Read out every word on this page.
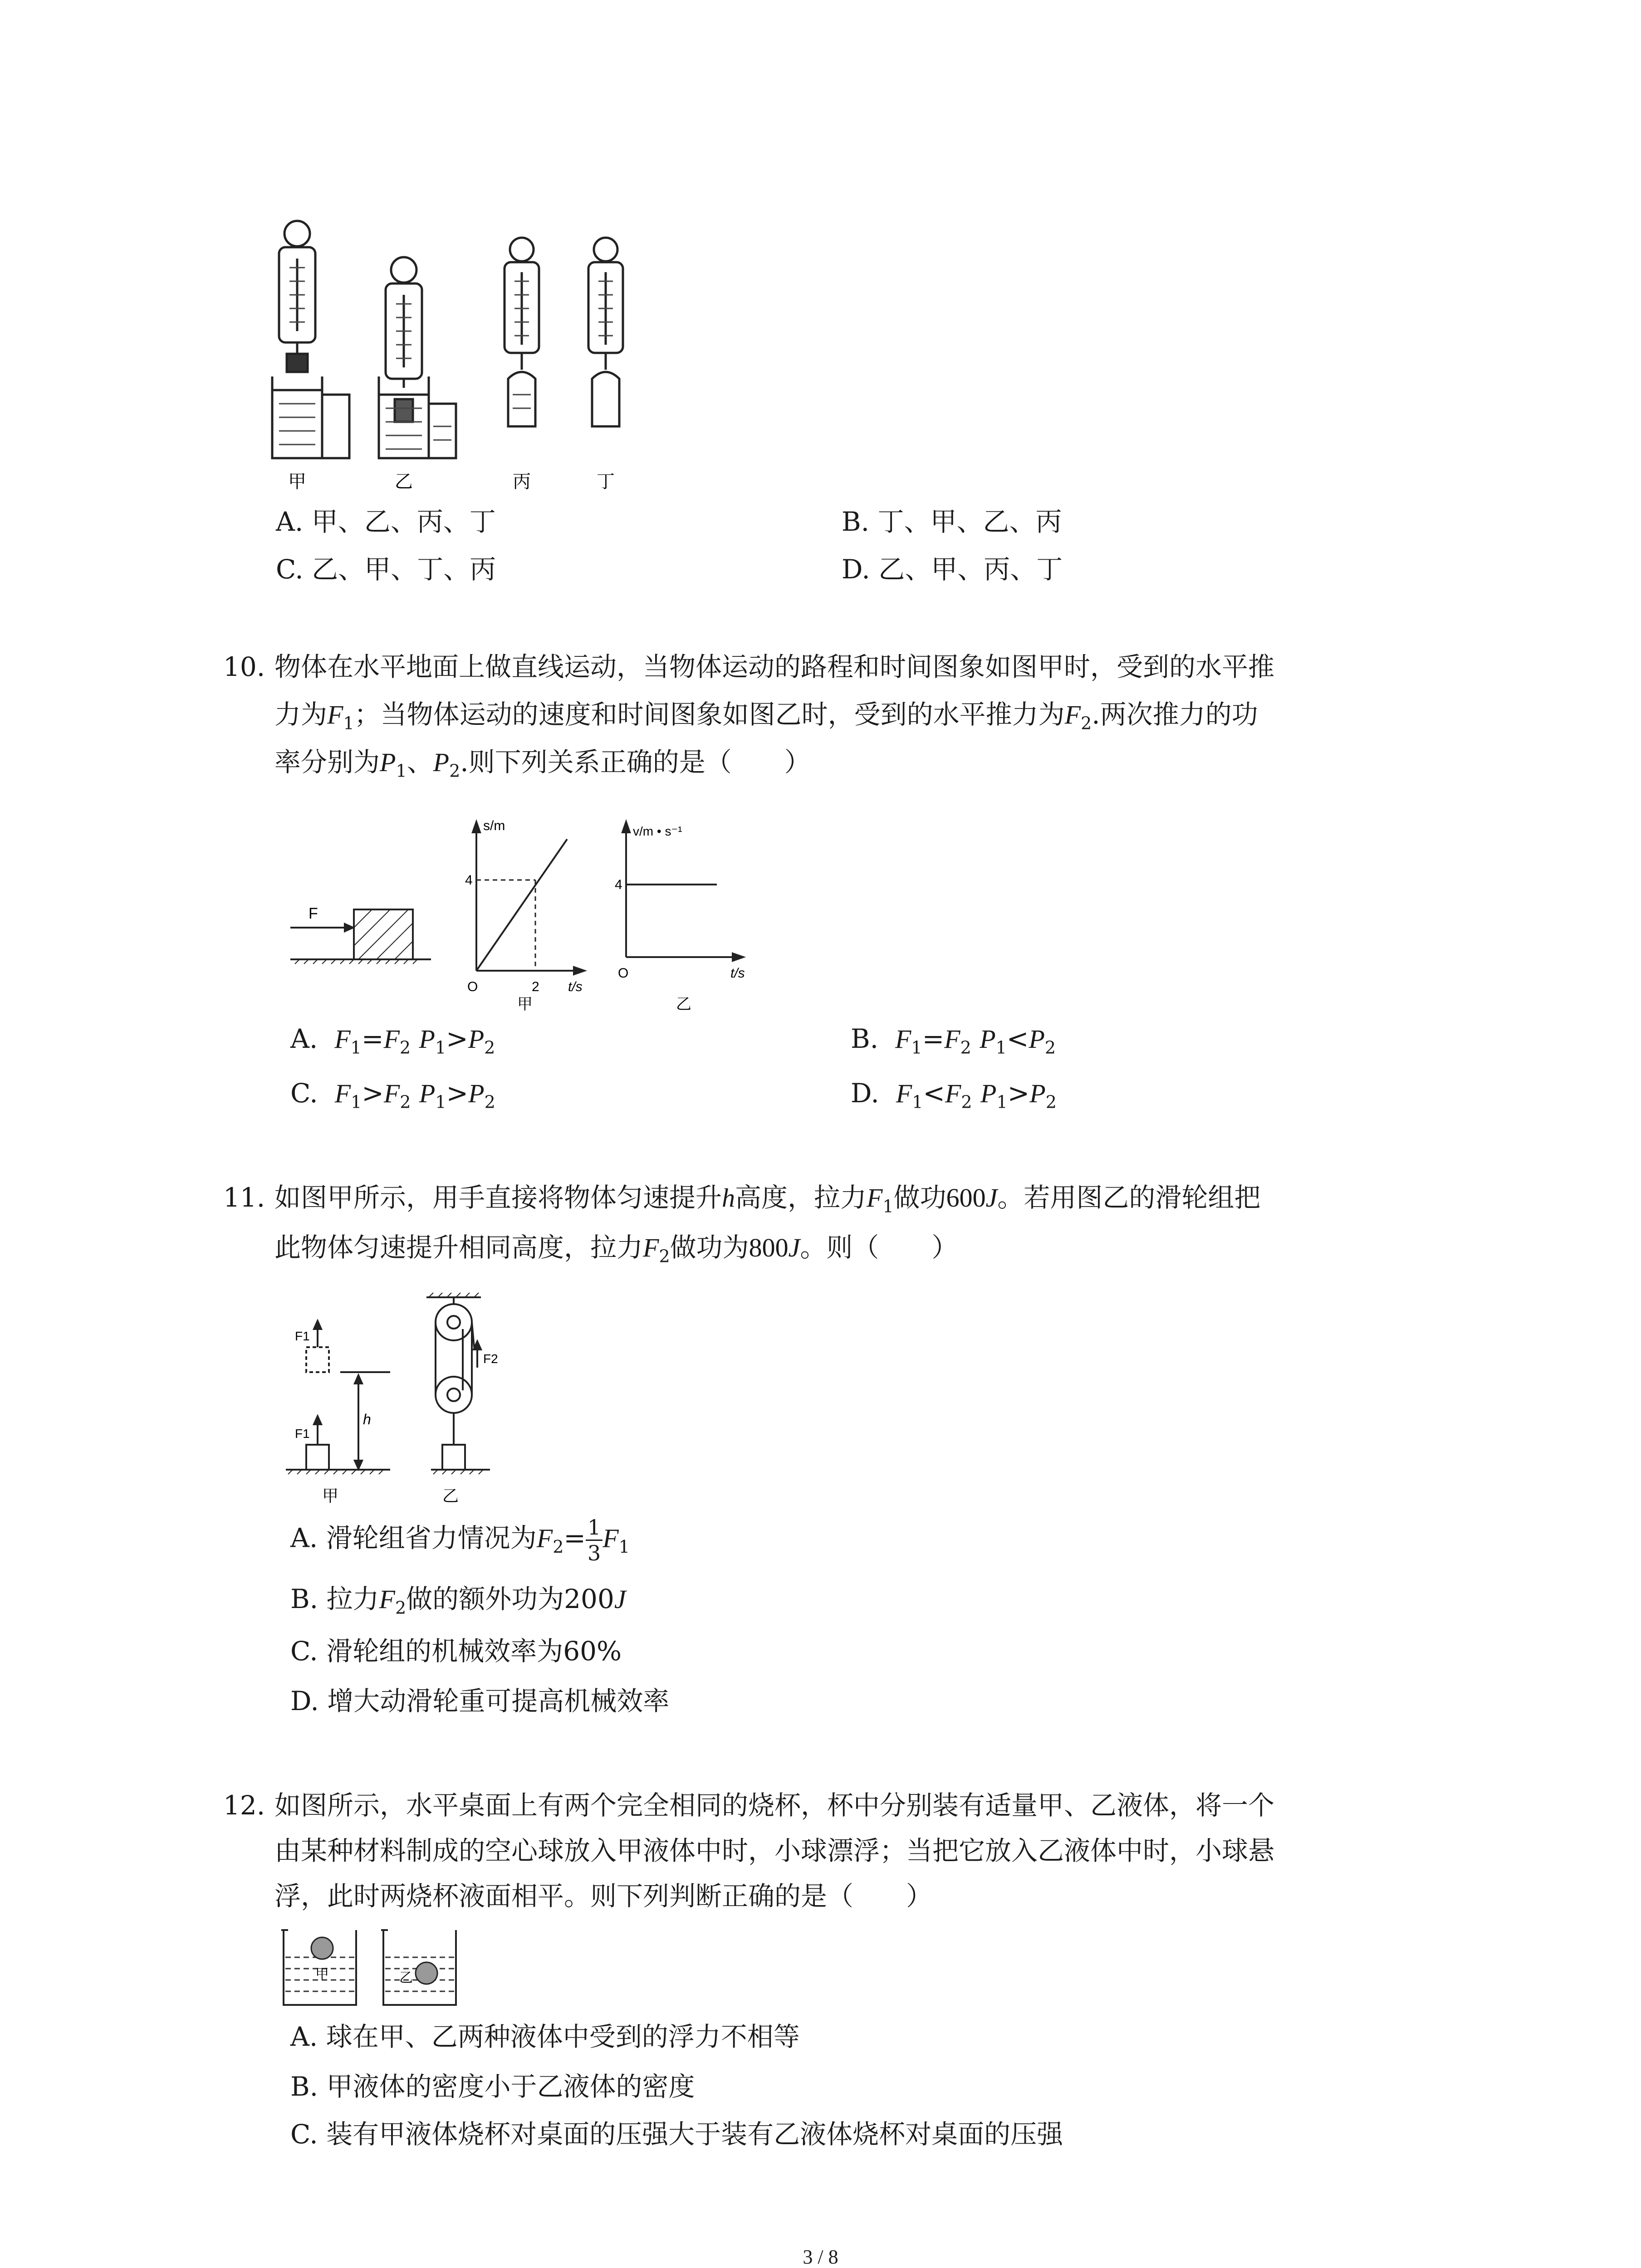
甲	乙	丙	丁
A. 甲、乙、丙、丁	B. 丁、甲、乙、丙
C. 乙、甲、丁、丙	D. 乙、甲、丙、丁
10. 物体在水平地面上做直线运动，当物体运动的路程和时间图象如图甲时，受到的水平推
力为$F_1$；当物体运动的速度和时间图象如图乙时，受到的水平推力为$F_2$.两次推力的功
率分别为$P_1$、$P_2$.则下列关系正确的是（　　）
F
s/m
4
O	2 t/s
甲
v/m • s⁻¹
4
O	t/s
乙
A. $F_1=F_2$ $P_1>P_2$	B. $F_1=F_2$ $P_1<P_2$
C. $F_1>F_2$ $P_1>P_2$	D. $F_1<F_2$ $P_1>P_2$
11. 如图甲所示，用手直接将物体匀速提升h高度，拉力$F_1$做功600J。若用图乙的滑轮组把
此物体匀速提升相同高度，拉力$F_2$做功为800J。则（　　）
F1
F1
h
F2
甲	乙
A. 滑轮组省力情况为$F_2= \frac{1}{3} F_1$
B. 拉力$F_2$做的额外功为200J
C. 滑轮组的机械效率为60%
D. 增大动滑轮重可提高机械效率
12. 如图所示，水平桌面上有两个完全相同的烧杯，杯中分别装有适量甲、乙液体，将一个
由某种材料制成的空心球放入甲液体中时，小球漂浮；当把它放入乙液体中时，小球悬
浮，此时两烧杯液面相平。则下列判断正确的是（　　）
甲	乙
A. 球在甲、乙两种液体中受到的浮力不相等
B. 甲液体的密度小于乙液体的密度
C. 装有甲液体烧杯对桌面的压强大于装有乙液体烧杯对桌面的压强
3 / 8
